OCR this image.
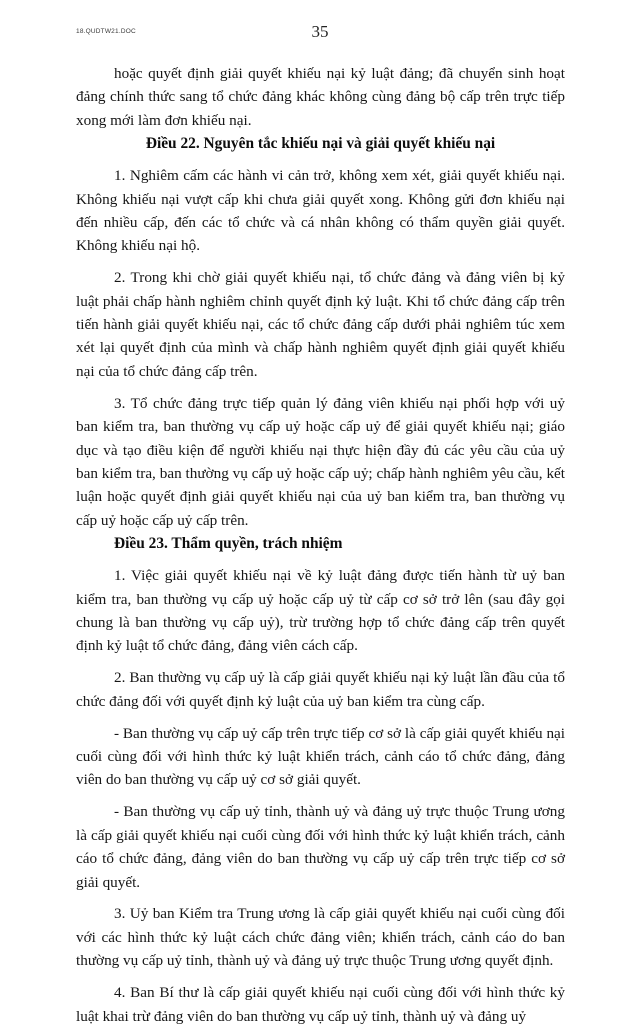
18.QUDTW21.DOC	35

hoặc quyết định giải quyết khiếu nại kỷ luật đảng; đã chuyển sinh hoạt đảng chính thức sang tổ chức đảng khác không cùng đảng bộ cấp trên trực tiếp xong mới làm đơn khiếu nại.

Điều 22. Nguyên tắc khiếu nại và giải quyết khiếu nại

1. Nghiêm cấm các hành vi cản trở, không xem xét, giải quyết khiếu nại. Không khiếu nại vượt cấp khi chưa giải quyết xong. Không gửi đơn khiếu nại đến nhiều cấp, đến các tổ chức và cá nhân không có thẩm quyền giải quyết. Không khiếu nại hộ.

2. Trong khi chờ giải quyết khiếu nại, tổ chức đảng và đảng viên bị kỷ luật phải chấp hành nghiêm chỉnh quyết định kỷ luật. Khi tổ chức đảng cấp trên tiến hành giải quyết khiếu nại, các tổ chức đảng cấp dưới phải nghiêm túc xem xét lại quyết định của mình và chấp hành nghiêm quyết định giải quyết khiếu nại của tổ chức đảng cấp trên.

3. Tổ chức đảng trực tiếp quản lý đảng viên khiếu nại phối hợp với uỷ ban kiểm tra, ban thường vụ cấp uỷ hoặc cấp uỷ để giải quyết khiếu nại; giáo dục và tạo điều kiện để người khiếu nại thực hiện đầy đủ các yêu cầu của uỷ ban kiểm tra, ban thường vụ cấp uỷ hoặc cấp uỷ; chấp hành nghiêm yêu cầu, kết luận hoặc quyết định giải quyết khiếu nại của uỷ ban kiểm tra, ban thường vụ cấp uỷ hoặc cấp uỷ cấp trên.

Điều 23. Thẩm quyền, trách nhiệm

1. Việc giải quyết khiếu nại về kỷ luật đảng được tiến hành từ uỷ ban kiểm tra, ban thường vụ cấp uỷ hoặc cấp uỷ từ cấp cơ sở trở lên (sau đây gọi chung là ban thường vụ cấp uỷ), trừ trường hợp tổ chức đảng cấp trên quyết định kỷ luật tổ chức đảng, đảng viên cách cấp.

2. Ban thường vụ cấp uỷ là cấp giải quyết khiếu nại kỷ luật lần đầu của tổ chức đảng đối với quyết định kỷ luật của uỷ ban kiểm tra cùng cấp.

- Ban thường vụ cấp uỷ cấp trên trực tiếp cơ sở là cấp giải quyết khiếu nại cuối cùng đối với hình thức kỷ luật khiển trách, cảnh cáo tổ chức đảng, đảng viên do ban thường vụ cấp uỷ cơ sở giải quyết.

- Ban thường vụ cấp uỷ tỉnh, thành uỷ và đảng uỷ trực thuộc Trung ương là cấp giải quyết khiếu nại cuối cùng đối với hình thức kỷ luật khiển trách, cảnh cáo tổ chức đảng, đảng viên do ban thường vụ cấp uỷ cấp trên trực tiếp cơ sở giải quyết.

3. Uỷ ban Kiểm tra Trung ương là cấp giải quyết khiếu nại cuối cùng đối với các hình thức kỷ luật cách chức đảng viên; khiển trách, cảnh cáo do ban thường vụ cấp uỷ tỉnh, thành uỷ và đảng uỷ trực thuộc Trung ương quyết định.

4. Ban Bí thư là cấp giải quyết khiếu nại cuối cùng đối với hình thức kỷ luật khai trừ đảng viên do ban thường vụ cấp uỷ tỉnh, thành uỷ và đảng uỷ
